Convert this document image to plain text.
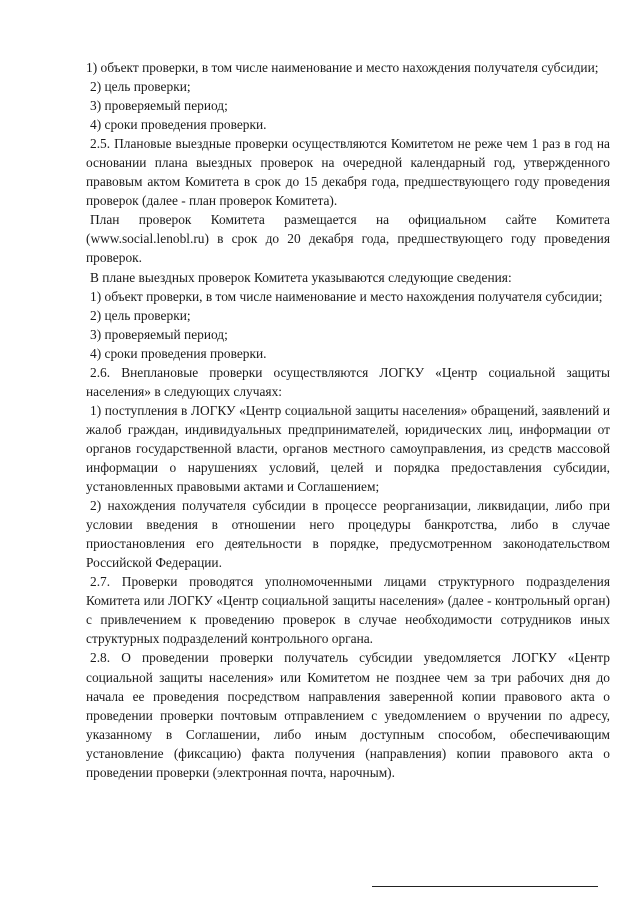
1) объект проверки, в том числе наименование и место нахождения получателя субсидии;

2) цель проверки;

3) проверяемый период;

4) сроки проведения проверки.

2.5. Плановые выездные проверки осуществляются Комитетом не реже чем 1 раз в год на основании плана выездных проверок на очередной календарный год, утвержденного правовым актом Комитета в срок до 15 декабря года, предшествующего году проведения проверок (далее - план проверок Комитета).

План проверок Комитета размещается на официальном сайте Комитета (www.social.lenobl.ru) в срок до 20 декабря года, предшествующего году проведения проверок.

В плане выездных проверок Комитета указываются следующие сведения:

1) объект проверки, в том числе наименование и место нахождения получателя субсидии;

2) цель проверки;

3) проверяемый период;

4) сроки проведения проверки.

2.6. Внеплановые проверки осуществляются ЛОГКУ «Центр социальной защиты населения» в следующих случаях:

1) поступления в ЛОГКУ «Центр социальной защиты населения» обращений, заявлений и жалоб граждан, индивидуальных предпринимателей, юридических лиц, информации от органов государственной власти, органов местного самоуправления, из средств массовой информации о нарушениях условий, целей и порядка предоставления субсидии, установленных правовыми актами и Соглашением;

2) нахождения получателя субсидии в процессе реорганизации, ликвидации, либо при условии введения в отношении него процедуры банкротства, либо в случае приостановления его деятельности в порядке, предусмотренном законодательством Российской Федерации.

2.7. Проверки проводятся уполномоченными лицами структурного подразделения Комитета или ЛОГКУ «Центр социальной защиты населения» (далее - контрольный орган) с привлечением к проведению проверок в случае необходимости сотрудников иных структурных подразделений контрольного органа.

2.8. О проведении проверки получатель субсидии уведомляется ЛОГКУ «Центр социальной защиты населения» или Комитетом не позднее чем за три рабочих дня до начала ее проведения посредством направления заверенной копии правового акта о проведении проверки почтовым отправлением с уведомлением о вручении по адресу, указанному в Соглашении, либо иным доступным способом, обеспечивающим установление (фиксацию) факта получения (направления) копии правового акта о проведении проверки (электронная почта, нарочным).
